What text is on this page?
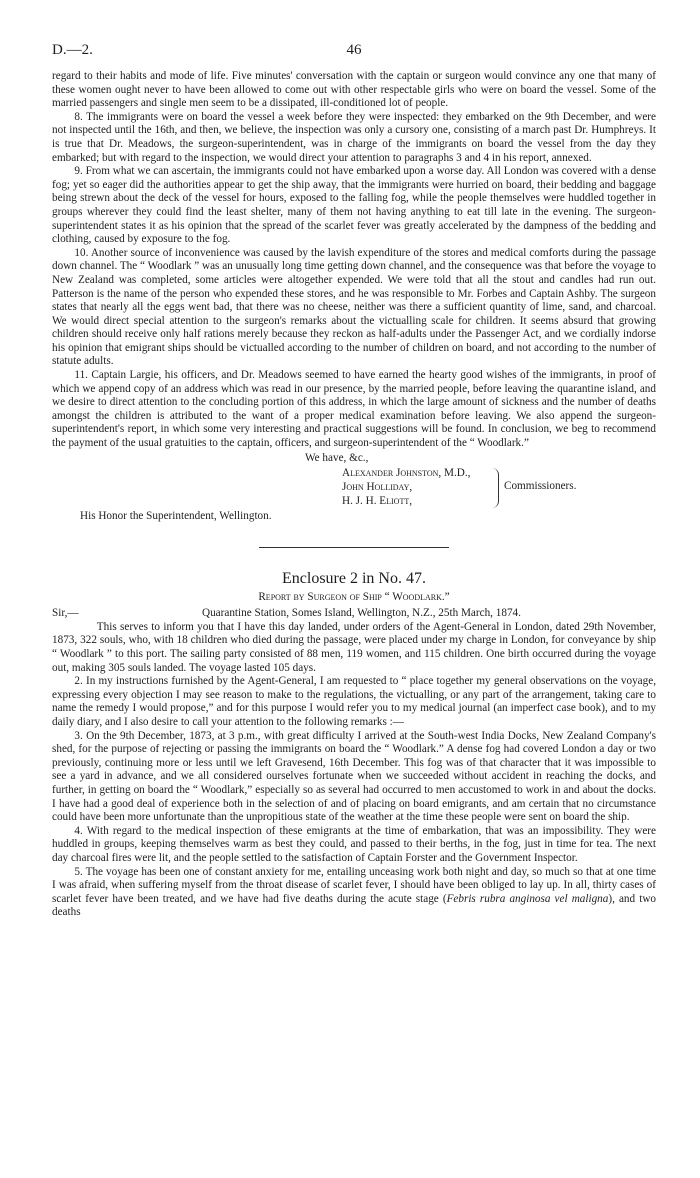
D.—2.	46

regard to their habits and mode of life. Five minutes' conversation with the captain or surgeon would convince any one that many of these women ought never to have been allowed to come out with other respectable girls who were on board the vessel. Some of the married passengers and single men seem to be a dissipated, ill-conditioned lot of people.

8. The immigrants were on board the vessel a week before they were inspected: they embarked on the 9th December, and were not inspected until the 16th, and then, we believe, the inspection was only a cursory one, consisting of a march past Dr. Humphreys. It is true that Dr. Meadows, the surgeon-superintendent, was in charge of the immigrants on board the vessel from the day they embarked; but with regard to the inspection, we would direct your attention to paragraphs 3 and 4 in his report, annexed.

9. From what we can ascertain, the immigrants could not have embarked upon a worse day. All London was covered with a dense fog; yet so eager did the authorities appear to get the ship away, that the immigrants were hurried on board, their bedding and baggage being strewn about the deck of the vessel for hours, exposed to the falling fog, while the people themselves were huddled together in groups wherever they could find the least shelter, many of them not having anything to eat till late in the evening. The surgeon-superintendent states it as his opinion that the spread of the scarlet fever was greatly accelerated by the dampness of the bedding and clothing, caused by exposure to the fog.

10. Another source of inconvenience was caused by the lavish expenditure of the stores and medical comforts during the passage down channel. The “ Woodlark ” was an unusually long time getting down channel, and the consequence was that before the voyage to New Zealand was completed, some articles were altogether expended. We were told that all the stout and candles had run out. Patterson is the name of the person who expended these stores, and he was responsible to Mr. Forbes and Captain Ashby. The surgeon states that nearly all the eggs went bad, that there was no cheese, neither was there a sufficient quantity of lime, sand, and charcoal. We would direct special attention to the surgeon's remarks about the victualling scale for children. It seems absurd that growing children should receive only half rations merely because they reckon as half-adults under the Passenger Act, and we cordially indorse his opinion that emigrant ships should be victualled according to the number of children on board, and not according to the number of statute adults.

11. Captain Largie, his officers, and Dr. Meadows seemed to have earned the hearty good wishes of the immigrants, in proof of which we append copy of an address which was read in our presence, by the married people, before leaving the quarantine island, and we desire to direct attention to the concluding portion of this address, in which the large amount of sickness and the number of deaths amongst the children is attributed to the want of a proper medical examination before leaving. We also append the surgeon-superintendent's report, in which some very interesting and practical suggestions will be found. In conclusion, we beg to recommend the payment of the usual gratuities to the captain, officers, and surgeon-superintendent of the “ Woodlark.”

We have, &c.,
Alexander Johnston, M.D.,
John Holliday,
H. J. H. Eliott,
Commissioners.

His Honor the Superintendent, Wellington.

Enclosure 2 in No. 47.
Report by Surgeon of Ship “ Woodlark.”
Sir,—	Quarantine Station, Somes Island, Wellington, N.Z., 25th March, 1874.

This serves to inform you that I have this day landed, under orders of the Agent-General in London, dated 29th November, 1873, 322 souls, who, with 18 children who died during the passage, were placed under my charge in London, for conveyance by ship “ Woodlark ” to this port. The sailing party consisted of 88 men, 119 women, and 115 children. One birth occurred during the voyage out, making 305 souls landed. The voyage lasted 105 days.

2. In my instructions furnished by the Agent-General, I am requested to “ place together my general observations on the voyage, expressing every objection I may see reason to make to the regulations, the victualling, or any part of the arrangement, taking care to name the remedy I would propose,” and for this purpose I would refer you to my medical journal (an imperfect case book), and to my daily diary, and I also desire to call your attention to the following remarks :—

3. On the 9th December, 1873, at 3 p.m., with great difficulty I arrived at the South-west India Docks, New Zealand Company's shed, for the purpose of rejecting or passing the immigrants on board the “ Woodlark.” A dense fog had covered London a day or two previously, continuing more or less until we left Gravesend, 16th December. This fog was of that character that it was impossible to see a yard in advance, and we all considered ourselves fortunate when we succeeded without accident in reaching the docks, and further, in getting on board the “ Woodlark,” especially so as several had occurred to men accustomed to work in and about the docks. I have had a good deal of experience both in the selection of and of placing on board emigrants, and am certain that no circumstance could have been more unfortunate than the unpropitious state of the weather at the time these people were sent on board the ship.

4. With regard to the medical inspection of these emigrants at the time of embarkation, that was an impossibility. They were huddled in groups, keeping themselves warm as best they could, and passed to their berths, in the fog, just in time for tea. The next day charcoal fires were lit, and the people settled to the satisfaction of Captain Forster and the Government Inspector.

5. The voyage has been one of constant anxiety for me, entailing unceasing work both night and day, so much so that at one time I was afraid, when suffering myself from the throat disease of scarlet fever, I should have been obliged to lay up. In all, thirty cases of scarlet fever have been treated, and we have had five deaths during the acute stage (Febris rubra anginosa vel maligna), and two deaths
